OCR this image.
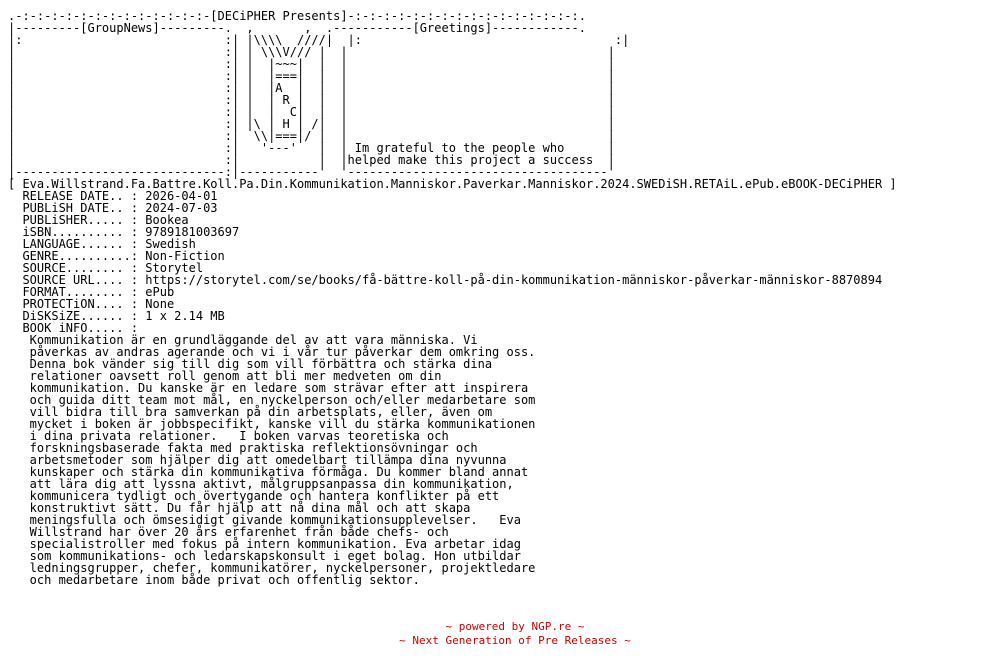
.-:-:-:-:-:-:-:-:-:-:-:-:-:-[DECiPHER Presents]-:-:-:-:-:-:-:-:-:-:-:-:-:-:-:-:.
|---------[GroupNews]---------.  ,       ,  .-----------[Greetings]------------.
|:                            :| |\\\\  ////|  |:                                   :|
|                             :| | \\\V/// |  |                                    |
|                             :| |  |~~~|  |  |                                    |
|                             :| |  |===|  |  |                                    |
|                             :| |  |A  |  |  |                                    |
|                             :| |  | R |  |  |                                    |
|                             :| |  |  C|  |  |                                    |
|                             :| |\ | H | /|  |                                    |
|                             :|  \\|===|/ |  |                                    |
|                             :|   '---'   |  | Im grateful to the people who      |
|                             :|           |  |helped make this project a success  |
|-----------------------------:|-----------'  '------------------------------------'
[ Eva.Willstrand.Fa.Battre.Koll.Pa.Din.Kommunikation.Manniskor.Paverkar.Manniskor.2024.SWEDiSH.RETAiL.ePub.eBOOK-DECiPHER ]
RELEASE DATE.. : 2026-04-01
PUBLiSH DATE.. : 2024-07-03
PUBLiSHER..... : Bookea
iSBN.......... : 9789181003697
LANGUAGE...... : Swedish
GENRE..........: Non-Fiction
SOURCE........ : Storytel
SOURCE URL.... : https://storytel.com/se/books/få-bättre-koll-på-din-kommunikation-människor-påverkar-människor-8870894
FORMAT........ : ePub
PROTECTiON.... : None
DiSKSiZE...... : 1 x 2.14 MB
BOOK iNFO..... :
Kommunikation är en grundläggande del av att vara människa. Vi
påverkas av andras agerande och vi i vår tur påverkar dem omkring oss.
Denna bok vänder sig till dig som vill förbättra och stärka dina
relationer oavsett roll genom att bli mer medveten om din
kommunikation. Du kanske är en ledare som strävar efter att inspirera
och guida ditt team mot mål, en nyckelperson och/eller medarbetare som
vill bidra till bra samverkan på din arbetsplats, eller, även om
mycket i boken är jobbspecifikt, kanske vill du stärka kommunikationen
i dina privata relationer.   I boken varvas teoretiska och
forskningsbaserade fakta med praktiska reflektionsövningar och
arbetsmetoder som hjälper dig att omedelbart tillämpa dina nyvunna
kunskaper och stärka din kommunikativa förmåga. Du kommer bland annat
att lära dig att lyssna aktivt, målgruppsanpassa din kommunikation,
kommunicera tydligt och övertygande och hantera konflikter på ett
konstruktivt sätt. Du får hjälp att nå dina mål och att skapa
meningsfulla och ömsesidigt givande kommunikationsupplevelser.   Eva
Willstrand har över 20 års erfarenhet från både chefs- och
specialistroller med fokus på intern kommunikation. Eva arbetar idag
som kommunikations- och ledarskapskonsult i eget bolag. Hon utbildar
ledningsgrupper, chefer, kommunikatörer, nyckelpersoner, projektledare
och medarbetare inom både privat och offentlig sektor.
~ powered by NGP.re ~
~ Next Generation of Pre Releases ~
